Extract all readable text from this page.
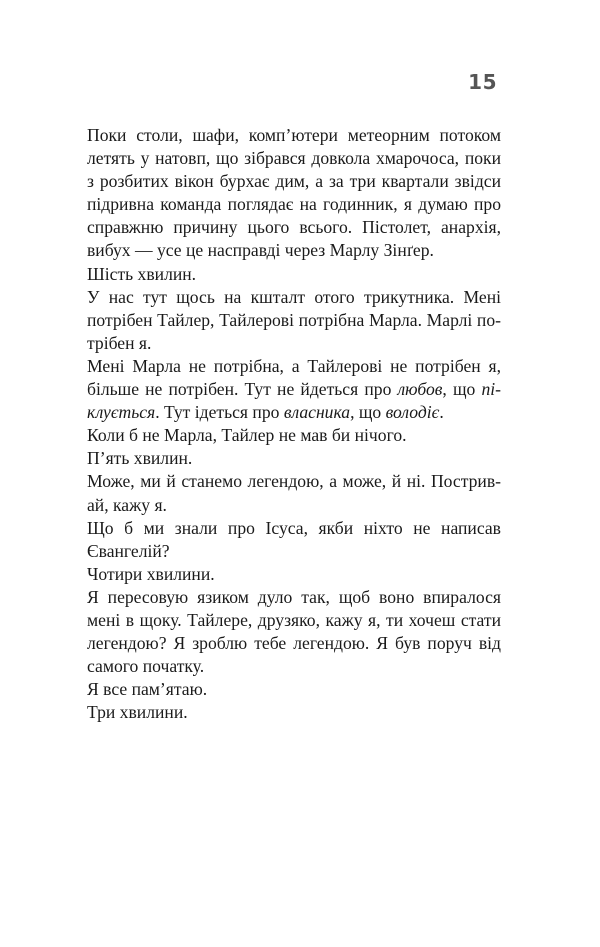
15

Поки столи, шафи, комп’ютери метеорним потоком летять у натовп, що зібрався довкола хмарочоса, поки з розбитих вікон бурхає дим, а за три квартали звідси підривна команда поглядає на годинник, я думаю про справжню причину цього всього. Пістолет, анархія, вибух — усе це насправді через Марлу Зінґер.

Шість хвилин.

У нас тут щось на кшталт отого трикутника. Мені потрібен Тайлер, Тайлерові потрібна Марла. Марлі потрібен я.

Мені Марла не потрібна, а Тайлерові не потрібен я, більше не потрібен. Тут не йдеться про любов, що піклується. Тут ідеться про власника, що володіє.

Коли б не Марла, Тайлер не мав би нічого.

П’ять хвилин.

Може, ми й станемо легендою, а може, й ні. Постривай, кажу я.

Що б ми знали про Ісуса, якби ніхто не написав Євангелій?

Чотири хвилини.

Я пересовую язиком дуло так, щоб воно впиралося мені в щоку. Тайлере, друзяко, кажу я, ти хочеш стати легендою? Я зроблю тебе легендою. Я був поруч від самого початку.

Я все пам’ятаю.

Три хвилини.
